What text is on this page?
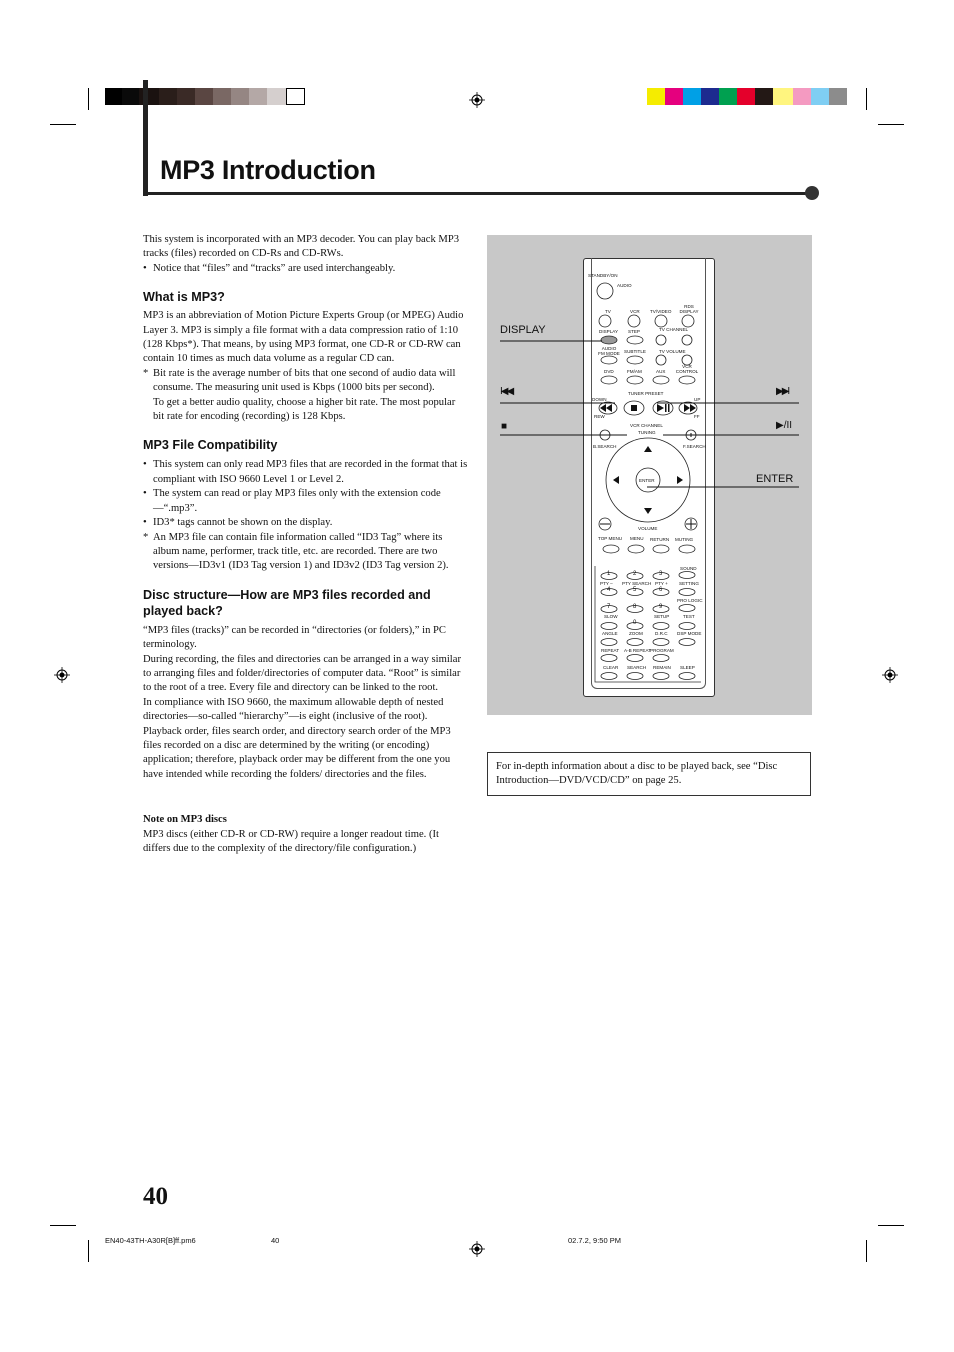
MP3 Introduction

This system is incorporated with an MP3 decoder. You can play back MP3 tracks (files) recorded on CD-Rs and CD-RWs.

• Notice that “files” and “tracks” are used interchangeably.

What is MP3?

MP3 is an abbreviation of Motion Picture Experts Group (or MPEG) Audio Layer 3. MP3 is simply a file format with a data compression ratio of 1:10 (128 Kbps*). That means, by using MP3 format, one CD-R or CD-RW can contain 10 times as much data volume as a regular CD can.

* Bit rate is the average number of bits that one second of audio data will consume. The measuring unit used is Kbps (1000 bits per second).

To get a better audio quality, choose a higher bit rate. The most popular bit rate for encoding (recording) is 128 Kbps.

MP3 File Compatibility

• This system can only read MP3 files that are recorded in the format that is compliant with ISO 9660 Level 1 or Level 2.

• The system can read or play MP3 files only with the extension code—“.mp3”.

• ID3* tags cannot be shown on the display.

* An MP3 file can contain file information called “ID3 Tag” where its album name, performer, track title, etc. are recorded. There are two versions—ID3v1 (ID3 Tag version 1) and ID3v2 (ID3 Tag version 2).

Disc structure—How are MP3 files recorded and played back?

“MP3 files (tracks)” can be recorded in “directories (or folders),” in PC terminology.

During recording, the files and directories can be arranged in a way similar to arranging files and folder/directories of computer data. “Root” is similar to the root of a tree. Every file and directory can be linked to the root.

In compliance with ISO 9660, the maximum allowable depth of nested directories—so-called “hierarchy”—is eight (inclusive of the root).

Playback order, files search order, and directory search order of the MP3 files recorded on a disc are determined by the writing (or encoding) application; therefore, playback order may be different from the one you have intended while recording the folders/ directories and the files.

Note on MP3 discs

MP3 discs (either CD-R or CD-RW) require a longer readout time. (It differs due to the complexity of the directory/file configuration.)

STANDBY/ON
AUDIO
TV	VCR TV/VIDEO
RDS DISPLAY
DISPLAY STEP	TV CHANNEL
AUDIO FM MODE SUBTITLE	TV VOLUME
DVD	FM/AM	AUX
VCR CONTROL
TUNER PRESET
DOWN	UP
REW	FF
VCR CHANNEL
TUNING
B.SEARCH	F.SEARCH
ENTER
VOLUME
TOP MENU MENU RETURN MUTING
SOUND
1	2	3
PTY – PTY SEARCH PTY + SETTING
4	5	6
PRO LOGIC
7	8	9
SLOW	SETUP	TEST
0
ANGLE ZOOM	D.R.C DSP MODE
REPEAT A-B REPEAT PROGRAM
CLEAR SEARCH REMAIN SLEEP
DISPLAY
ENTER
I◀◀	▶▶I
■	▶/II

For in-depth information about a disc to be played back, see “Disc Introduction—DVD/VCD/CD” on page 25.

40
EN40-43TH-A30R[B]ff.pm6	40	02.7.2, 9:50 PM
